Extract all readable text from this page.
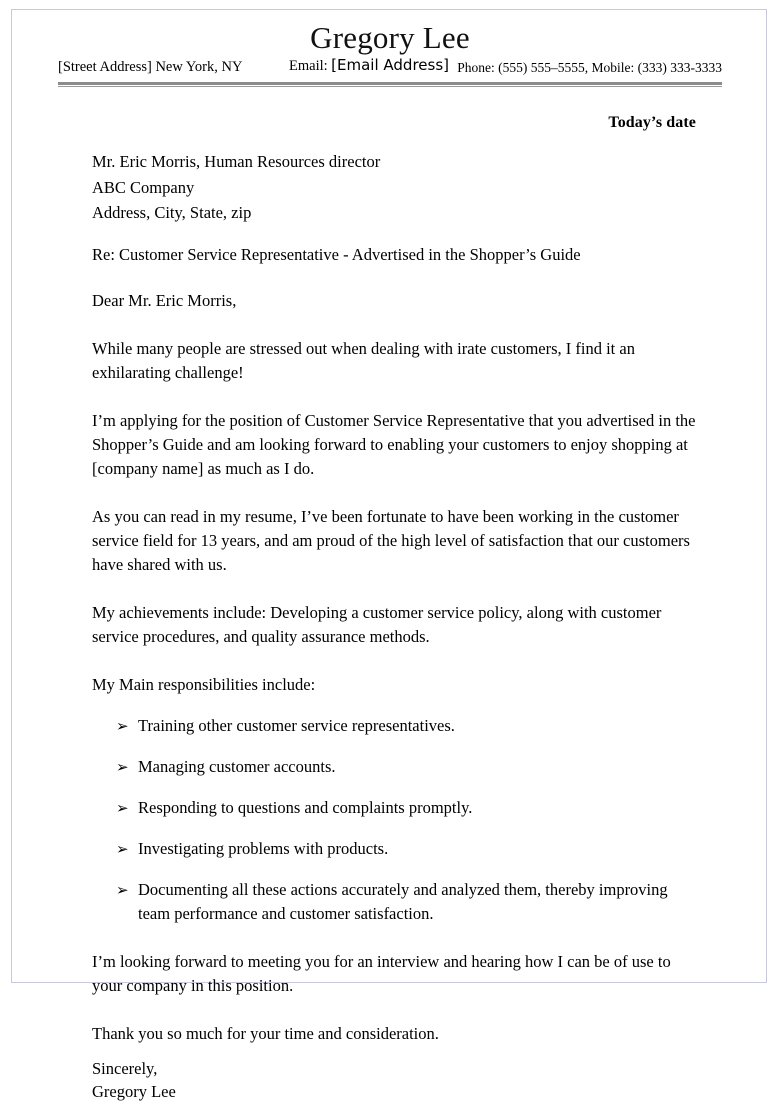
Gregory Lee
[Street Address] New York, NY	Email: [Email Address] Phone: (555) 555–5555, Mobile: (333) 333-3333
Today’s date
Mr. Eric Morris, Human Resources director
ABC Company
Address, City, State, zip
Re: Customer Service Representative - Advertised in the Shopper’s Guide
Dear Mr. Eric Morris,

While many people are stressed out when dealing with irate customers, I find it an exhilarating challenge!

I’m applying for the position of Customer Service Representative that you advertised in the Shopper’s Guide and am looking forward to enabling your customers to enjoy shopping at [company name] as much as I do.

As you can read in my resume, I’ve been fortunate to have been working in the customer service field for 13 years, and am proud of the high level of satisfaction that our customers have shared with us.

My achievements include: Developing a customer service policy, along with customer service procedures, and quality assurance methods.

My Main responsibilities include:

➢ Training other customer service representatives.
➢ Managing customer accounts.
➢ Responding to questions and complaints promptly.
➢ Investigating problems with products.
➢ Documenting all these actions accurately and analyzed them, thereby improving team performance and customer satisfaction.

I’m looking forward to meeting you for an interview and hearing how I can be of use to your company in this position.

Thank you so much for your time and consideration.

Sincerely,
Gregory Lee
